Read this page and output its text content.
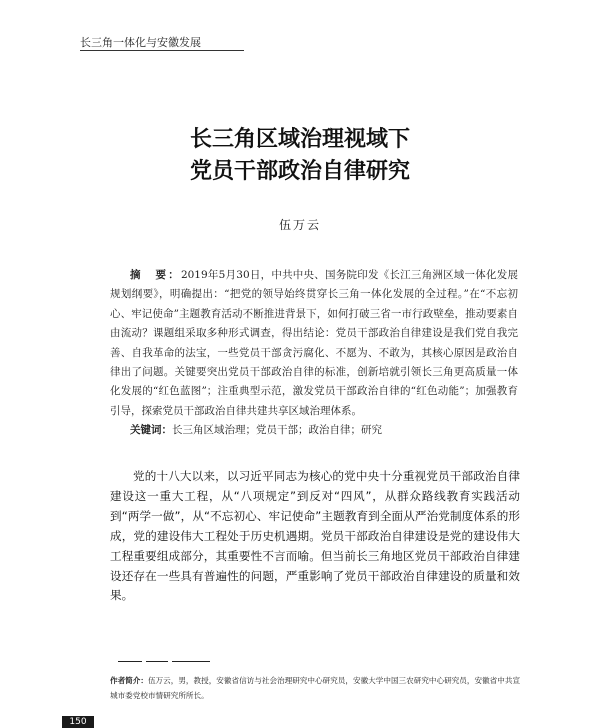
长三角一体化与安徽发展
长三角区域治理视域下
党员干部政治自律研究
伍万云

摘　要：2019年5月30日，中共中央、国务院印发《长江三角洲区域一体化发展规划纲要》，明确提出：“把党的领导始终贯穿长三角一体化发展的全过程。”在“不忘初心、牢记使命”主题教育活动不断推进背景下，如何打破三省一市行政壁垒，推动要素自由流动？课题组采取多种形式调查，得出结论：党员干部政治自律建设是我们党自我完善、自我革命的法宝，一些党员干部贪污腐化、不愿为、不敢为，其核心原因是政治自律出了问题。关键要突出党员干部政治自律的标准，创新培就引领长三角更高质量一体化发展的“红色蓝图”；注重典型示范，激发党员干部政治自律的“红色动能”；加强教育引导，探索党员干部政治自律共建共享区域治理体系。

关键词：长三角区域治理；党员干部；政治自律；研究

党的十八大以来，以习近平同志为核心的党中央十分重视党员干部政治自律建设这一重大工程，从“八项规定”到反对“四风”，从群众路线教育实践活动到“两学一做”，从“不忘初心、牢记使命”主题教育到全面从严治党制度体系的形成，党的建设伟大工程处于历史机遇期。党员干部政治自律建设是党的建设伟大工程重要组成部分，其重要性不言而喻。但当前长三角地区党员干部政治自律建设还存在一些具有普遍性的问题，严重影响了党员干部政治自律建设的质量和效果。

作者简介：伍万云，男，教授，安徽省信访与社会治理研究中心研究员，安徽大学中国三农研究中心研究员，安徽省中共宣城市委党校市情研究所所长。
150
